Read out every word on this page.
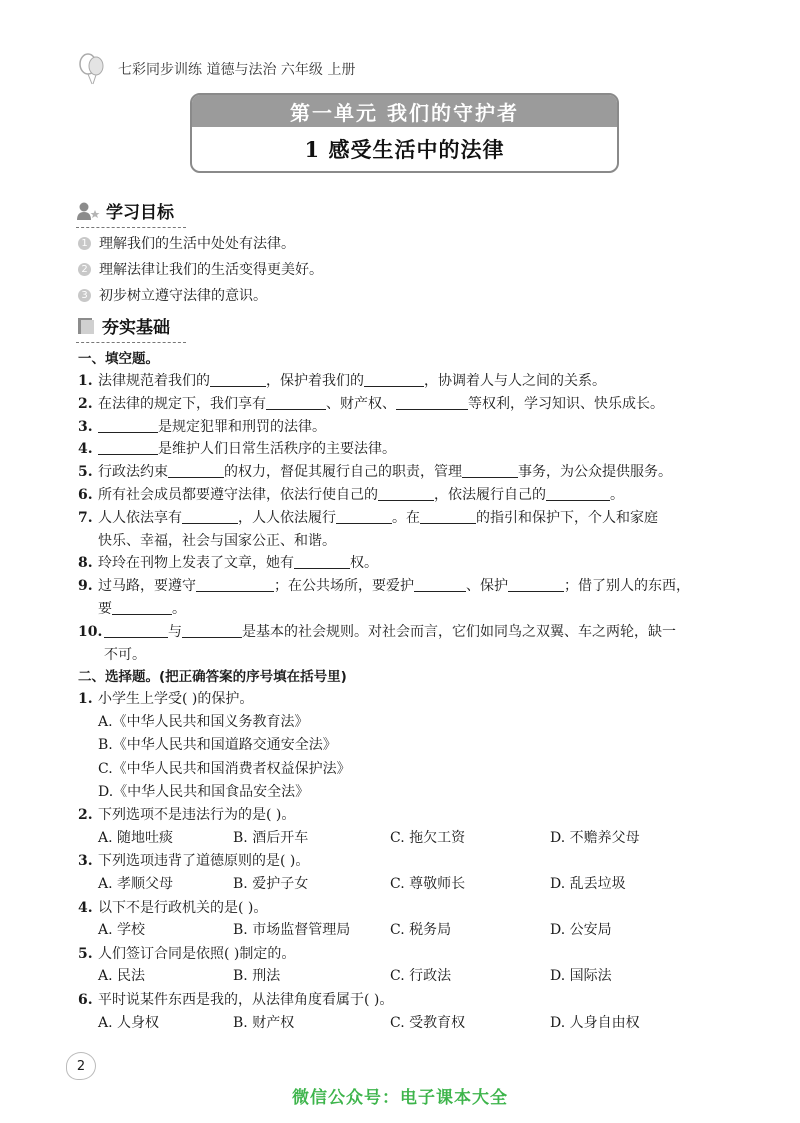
七彩同步训练 道德与法治 六年级 上册
第一单元 我们的守护者
1 感受生活中的法律
学习目标
1 理解我们的生活中处处有法律。
2 理解法律让我们的生活变得更美好。
3 初步树立遵守法律的意识。
夯实基础
一、填空题。
1. 法律规范着我们的	，保护着我们的	，协调着人与人之间的关系。
2. 在法律的规定下，我们享有	、财产权、	等权利，学习知识、快乐成长。
3.	是规定犯罪和刑罚的法律。
4.	是维护人们日常生活秩序的主要法律。
5. 行政法约束	的权力，督促其履行自己的职责，管理	事务，为公众提供服务。
6. 所有社会成员都要遵守法律，依法行使自己的	，依法履行自己的	。
7. 人人依法享有	，人人依法履行	。在	的指引和保护下，个人和家庭
快乐、幸福，社会与国家公正、和谐。
8. 玲玲在刊物上发表了文章，她有	权。
9. 过马路，要遵守	；在公共场所，要爱护	、保护	；借了别人的东西，
要	。
10.	与	是基本的社会规则。对社会而言，它们如同鸟之双翼、车之两轮，缺一
不可。
二、选择题。(把正确答案的序号填在括号里)
1. 小学生上学受( )的保护。
A.《中华人民共和国义务教育法》
B.《中华人民共和国道路交通安全法》
C.《中华人民共和国消费者权益保护法》
D.《中华人民共和国食品安全法》
2. 下列选项不是违法行为的是( )。
A. 随地吐痰	B. 酒后开车	C. 拖欠工资	D. 不赡养父母
3. 下列选项违背了道德原则的是( )。
A. 孝顺父母	B. 爱护子女	C. 尊敬师长	D. 乱丢垃圾
4. 以下不是行政机关的是( )。
A. 学校	B. 市场监督管理局	C. 税务局	D. 公安局
5. 人们签订合同是依照( )制定的。
A. 民法	B. 刑法	C. 行政法	D. 国际法
6. 平时说某件东西是我的，从法律角度看属于( )。
A. 人身权	B. 财产权	C. 受教育权	D. 人身自由权
2
微信公众号：电子课本大全
